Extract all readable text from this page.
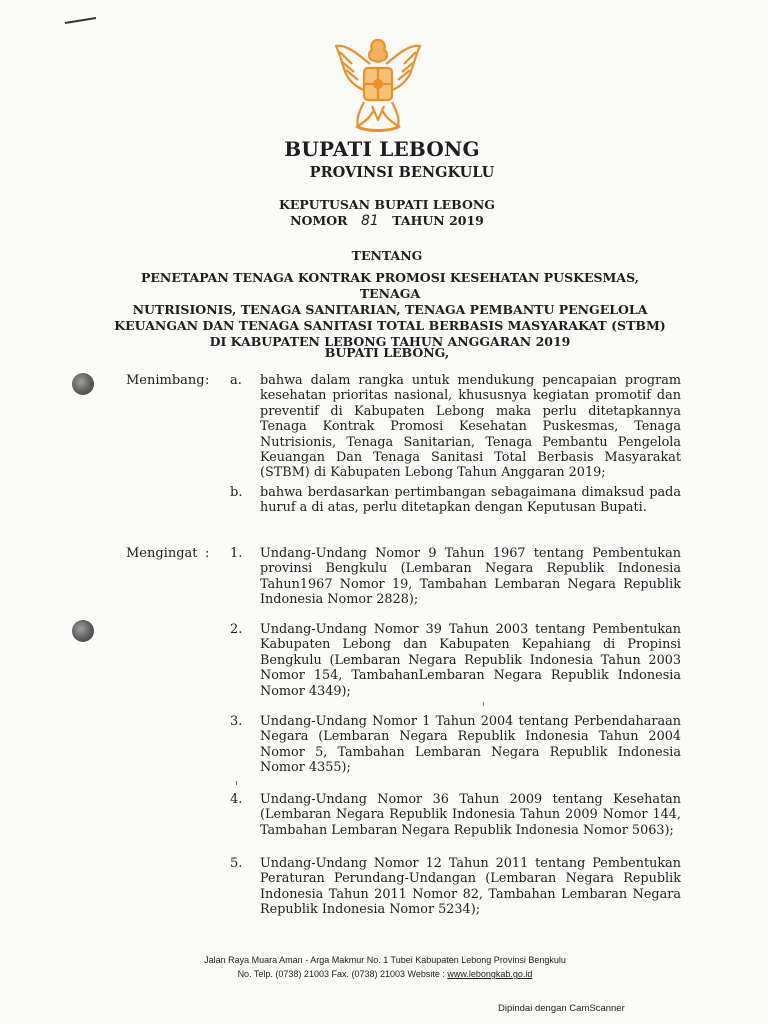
BUPATI LEBONG
PROVINSI BENGKULU
KEPUTUSAN BUPATI LEBONG
NOMOR 81 TAHUN 2019
TENTANG
PENETAPAN TENAGA KONTRAK PROMOSI KESEHATAN PUSKESMAS, TENAGA
NUTRISIONIS, TENAGA SANITARIAN, TENAGA PEMBANTU PENGELOLA
KEUANGAN DAN TENAGA SANITASI TOTAL BERBASIS MASYARAKAT (STBM)
DI KABUPATEN LEBONG TAHUN ANGGARAN 2019
BUPATI LEBONG,
Menimbang : a. bahwa dalam rangka untuk mendukung pencapaian program kesehatan prioritas nasional, khususnya kegiatan promotif dan preventif di Kabupaten Lebong maka perlu ditetapkannya Tenaga Kontrak Promosi Kesehatan Puskesmas, Tenaga Nutrisionis, Tenaga Sanitarian, Tenaga Pembantu Pengelola Keuangan Dan Tenaga Sanitasi Total Berbasis Masyarakat (STBM) di Kabupaten Lebong Tahun Anggaran 2019;
b. bahwa berdasarkan pertimbangan sebagaimana dimaksud pada huruf a di atas, perlu ditetapkan dengan Keputusan Bupati.
Mengingat : 1. Undang-Undang Nomor 9 Tahun 1967 tentang Pembentukan provinsi Bengkulu (Lembaran Negara Republik Indonesia Tahun1967 Nomor 19, Tambahan Lembaran Negara Republik Indonesia Nomor 2828);
2. Undang-Undang Nomor 39 Tahun 2003 tentang Pembentukan Kabupaten Lebong dan Kabupaten Kepahiang di Propinsi Bengkulu (Lembaran Negara Republik Indonesia Tahun 2003 Nomor 154, TambahanLembaran Negara Republik Indonesia Nomor 4349);
3. Undang-Undang Nomor 1 Tahun 2004 tentang Perbendaharaan Negara (Lembaran Negara Republik Indonesia Tahun 2004 Nomor 5, Tambahan Lembaran Negara Republik Indonesia Nomor 4355);
4. Undang-Undang Nomor 36 Tahun 2009 tentang Kesehatan (Lembaran Negara Republik Indonesia Tahun 2009 Nomor 144, Tambahan Lembaran Negara Republik Indonesia Nomor 5063);
5. Undang-Undang Nomor 12 Tahun 2011 tentang Pembentukan Peraturan Perundang-Undangan (Lembaran Negara Republik Indonesia Tahun 2011 Nomor 82, Tambahan Lembaran Negara Republik Indonesia Nomor 5234);
Jalan Raya Muara Aman - Arga Makmur No. 1 Tubei Kabupaten Lebong Provinsi Bengkulu
No. Telp. (0738) 21003 Fax. (0738) 21003 Website : www.lebongkab.go.id
Dipindai dengan CamScanner
